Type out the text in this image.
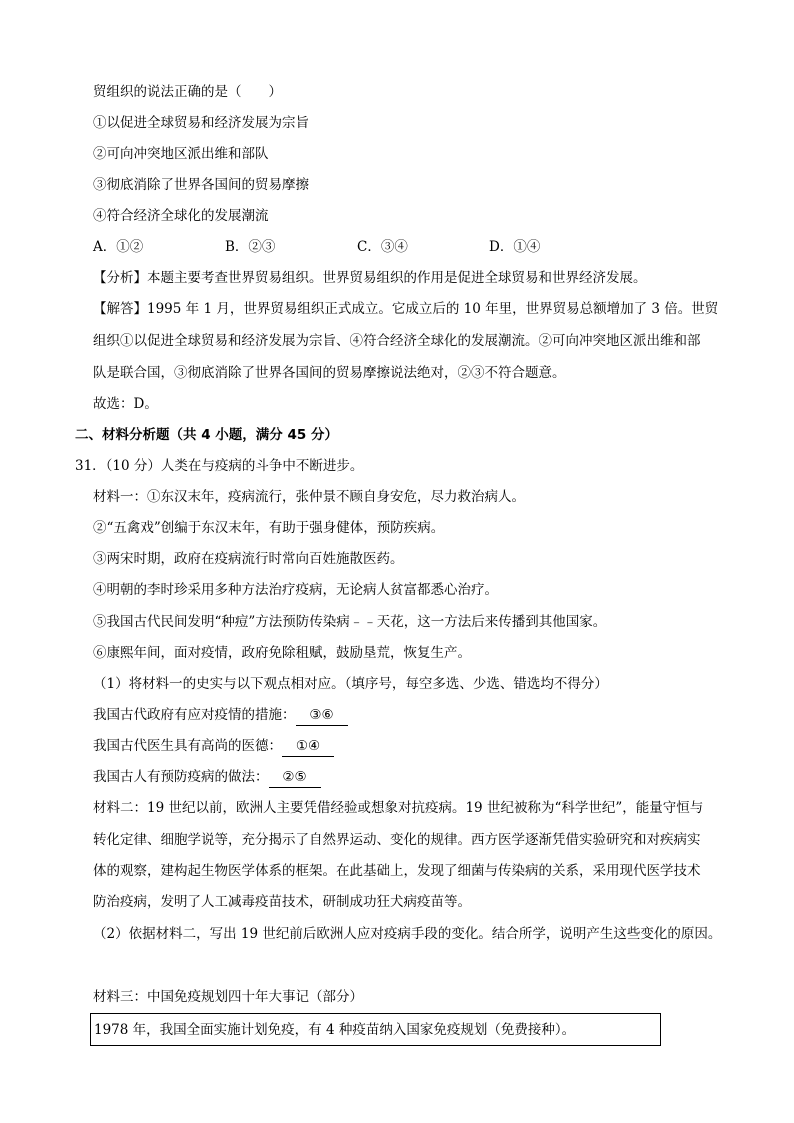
贸组织的说法正确的是（　　）
①以促进全球贸易和经济发展为宗旨
②可向冲突地区派出维和部队
③彻底消除了世界各国间的贸易摩擦
④符合经济全球化的发展潮流
A．①②	B．②③	C．③④	D．①④
【分析】本题主要考查世界贸易组织。世界贸易组织的作用是促进全球贸易和世界经济发展。
【解答】1995 年 1 月，世界贸易组织正式成立。它成立后的 10 年里，世界贸易总额增加了 3 倍。世贸
组织①以促进全球贸易和经济发展为宗旨、④符合经济全球化的发展潮流。②可向冲突地区派出维和部
队是联合国，③彻底消除了世界各国间的贸易摩擦说法绝对，②③不符合题意。
故选：D。
二、材料分析题（共 4 小题，满分 45 分）
31．（10 分）人类在与疫病的斗争中不断进步。
材料一：①东汉末年，疫病流行，张仲景不顾自身安危，尽力救治病人。
②“五禽戏”创编于东汉末年，有助于强身健体，预防疾病。
③两宋时期，政府在疫病流行时常向百姓施散医药。
④明朝的李时珍采用多种方法治疗疫病，无论病人贫富都悉心治疗。
⑤我国古代民间发明“种痘”方法预防传染病﹣﹣天花，这一方法后来传播到其他国家。
⑥康熙年间，面对疫情，政府免除租赋，鼓励垦荒，恢复生产。
（1）将材料一的史实与以下观点相对应。（填序号，每空多选、少选、错选均不得分）
我国古代政府有应对疫情的措施： ③⑥
我国古代医生具有高尚的医德： ①④
我国古人有预防疫病的做法： ②⑤
材料二：19 世纪以前，欧洲人主要凭借经验或想象对抗疫病。19 世纪被称为“科学世纪”，能量守恒与
转化定律、细胞学说等，充分揭示了自然界运动、变化的规律。西方医学逐渐凭借实验研究和对疾病实
体的观察，建构起生物医学体系的框架。在此基础上，发现了细菌与传染病的关系，采用现代医学技术
防治疫病，发明了人工减毒疫苗技术，研制成功狂犬病疫苗等。
（2）依据材料二，写出 19 世纪前后欧洲人应对疫病手段的变化。结合所学，说明产生这些变化的原因。
材料三：中国免疫规划四十年大事记（部分）
1978 年，我国全面实施计划免疫，有 4 种疫苗纳入国家免疫规划（免费接种）。
